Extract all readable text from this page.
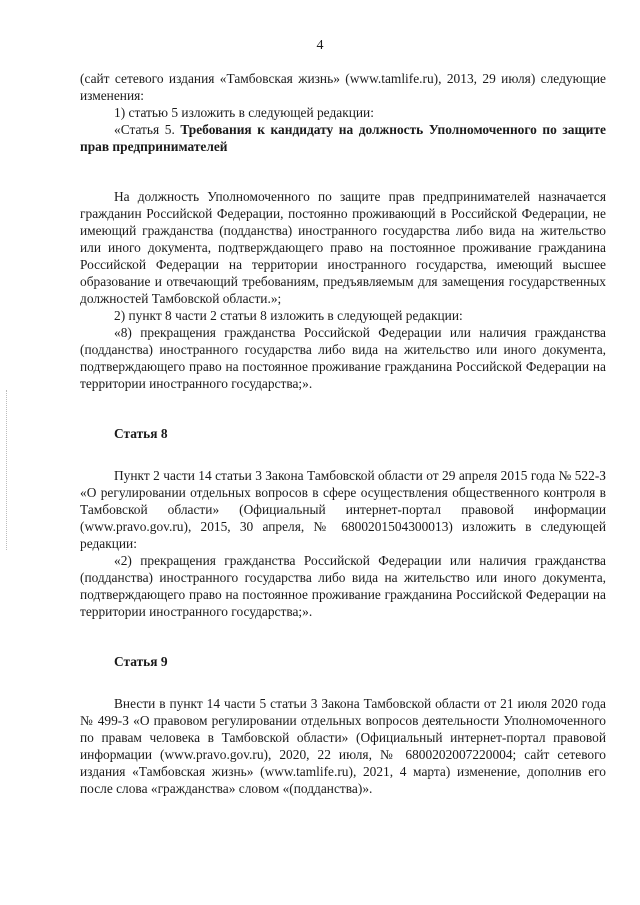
4

(сайт сетевого издания «Тамбовская жизнь» (www.tamlife.ru), 2013, 29 июля) следующие изменения:

1) статью 5 изложить в следующей редакции:

«Статья 5. Требования к кандидату на должность Уполномоченного по защите прав предпринимателей

На должность Уполномоченного по защите прав предпринимателей назначается гражданин Российской Федерации, постоянно проживающий в Российской Федерации, не имеющий гражданства (подданства) иностранного государства либо вида на жительство или иного документа, подтверждающего право на постоянное проживание гражданина Российской Федерации на территории иностранного государства, имеющий высшее образование и отвечающий требованиям, предъявляемым для замещения государственных должностей Тамбовской области.»;

2) пункт 8 части 2 статьи 8 изложить в следующей редакции:

«8) прекращения гражданства Российской Федерации или наличия гражданства (подданства) иностранного государства либо вида на жительство или иного документа, подтверждающего право на постоянное проживание гражданина Российской Федерации на территории иностранного государства;».

Статья 8

Пункт 2 части 14 статьи 3 Закона Тамбовской области от 29 апреля 2015 года № 522-З «О регулировании отдельных вопросов в сфере осуществления общественного контроля в Тамбовской области» (Официальный интернет-портал правовой информации (www.pravo.gov.ru), 2015, 30 апреля, № 6800201504300013) изложить в следующей редакции:

«2) прекращения гражданства Российской Федерации или наличия гражданства (подданства) иностранного государства либо вида на жительство или иного документа, подтверждающего право на постоянное проживание гражданина Российской Федерации на территории иностранного государства;».

Статья 9

Внести в пункт 14 части 5 статьи 3 Закона Тамбовской области от 21 июля 2020 года № 499-З «О правовом регулировании отдельных вопросов деятельности Уполномоченного по правам человека в Тамбовской области» (Официальный интернет-портал правовой информации (www.pravo.gov.ru), 2020, 22 июля, № 6800202007220004; сайт сетевого издания «Тамбовская жизнь» (www.tamlife.ru), 2021, 4 марта) изменение, дополнив его после слова «гражданства» словом «(подданства)».
